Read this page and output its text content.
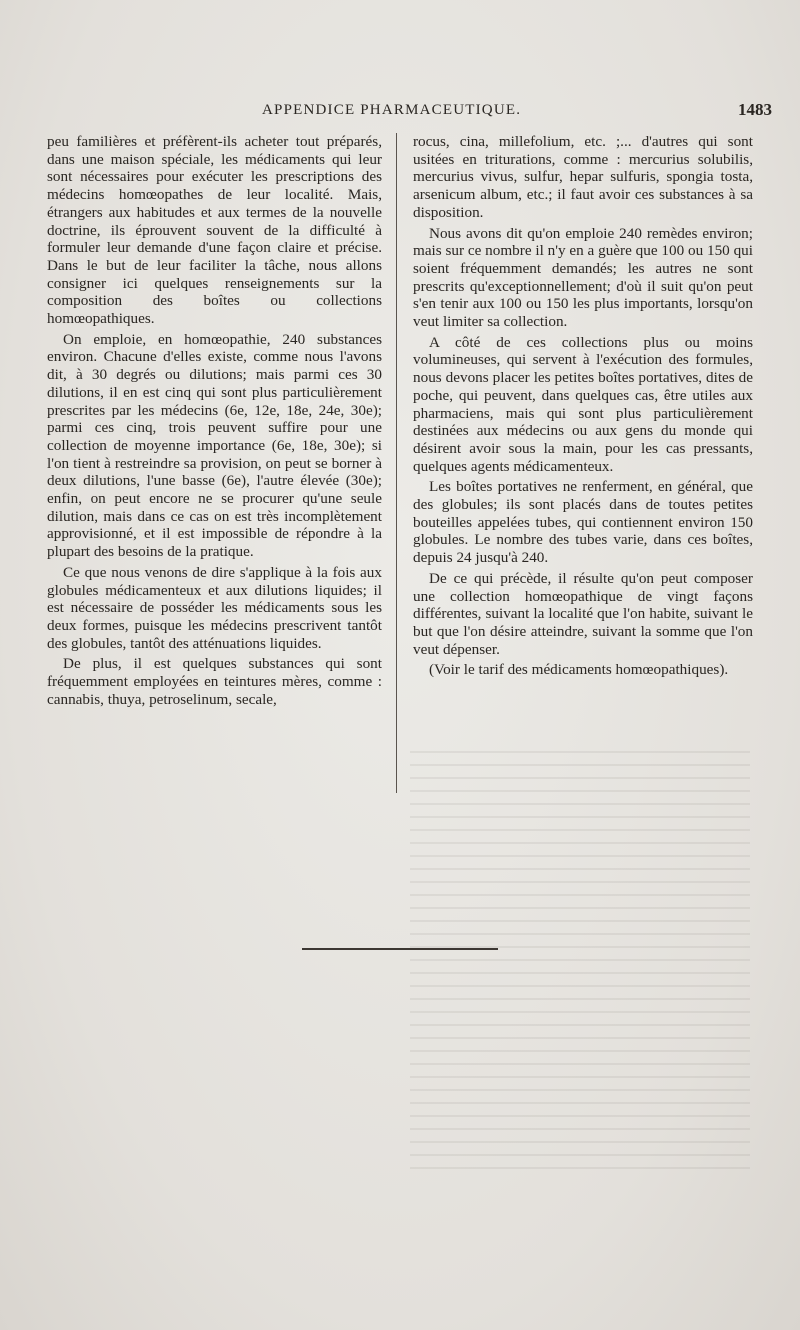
APPENDICE PHARMACEUTIQUE.	1483

peu familières et préfèrent-ils acheter tout préparés, dans une maison spéciale, les médicaments qui leur sont nécessaires pour exécuter les prescriptions des médecins homœopathes de leur localité. Mais, étrangers aux habitudes et aux termes de la nouvelle doctrine, ils éprouvent souvent de la difficulté à formuler leur demande d'une façon claire et précise. Dans le but de leur faciliter la tâche, nous allons consigner ici quelques renseignements sur la composition des boîtes ou collections homœopathiques.

On emploie, en homœopathie, 240 substances environ. Chacune d'elles existe, comme nous l'avons dit, à 30 degrés ou dilutions; mais parmi ces 30 dilutions, il en est cinq qui sont plus particulièrement prescrites par les médecins (6e, 12e, 18e, 24e, 30e); parmi ces cinq, trois peuvent suffire pour une collection de moyenne importance (6e, 18e, 30e); si l'on tient à restreindre sa provision, on peut se borner à deux dilutions, l'une basse (6e), l'autre élevée (30e); enfin, on peut encore ne se procurer qu'une seule dilution, mais dans ce cas on est très incomplètement approvisionné, et il est impossible de répondre à la plupart des besoins de la pratique.

Ce que nous venons de dire s'applique à la fois aux globules médicamenteux et aux dilutions liquides; il est nécessaire de posséder les médicaments sous les deux formes, puisque les médecins prescrivent tantôt des globules, tantôt des atténuations liquides.

De plus, il est quelques substances qui sont fréquemment employées en teintures mères, comme : cannabis, thuya, petroselinum, secale,

rocus, cina, millefolium, etc. ;... d'autres qui sont usitées en triturations, comme : mercurius solubilis, mercurius vivus, sulfur, hepar sulfuris, spongia tosta, arsenicum album, etc.; il faut avoir ces substances à sa disposition.

Nous avons dit qu'on emploie 240 remèdes environ; mais sur ce nombre il n'y en a guère que 100 ou 150 qui soient fréquemment demandés; les autres ne sont prescrits qu'exceptionnellement; d'où il suit qu'on peut s'en tenir aux 100 ou 150 les plus importants, lorsqu'on veut limiter sa collection.

A côté de ces collections plus ou moins volumineuses, qui servent à l'exécution des formules, nous devons placer les petites boîtes portatives, dites de poche, qui peuvent, dans quelques cas, être utiles aux pharmaciens, mais qui sont plus particulièrement destinées aux médecins ou aux gens du monde qui désirent avoir sous la main, pour les cas pressants, quelques agents médicamenteux.

Les boîtes portatives ne renferment, en général, que des globules; ils sont placés dans de toutes petites bouteilles appelées tubes, qui contiennent environ 150 globules. Le nombre des tubes varie, dans ces boîtes, depuis 24 jusqu'à 240.

De ce qui précède, il résulte qu'on peut composer une collection homœopathique de vingt façons différentes, suivant la localité que l'on habite, suivant le but que l'on désire atteindre, suivant la somme que l'on veut dépenser.

(Voir le tarif des médicaments homœopathiques).
